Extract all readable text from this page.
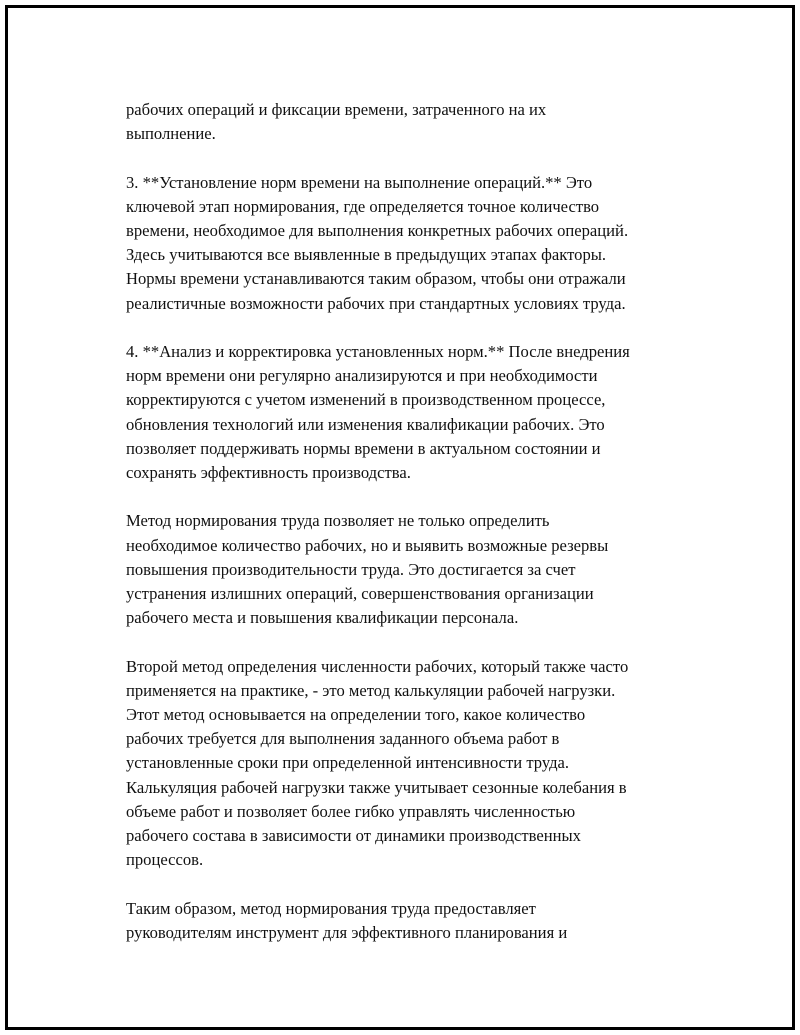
рабочих операций и фиксации времени, затраченного на их
выполнение.

3. **Установление норм времени на выполнение операций.** Это
ключевой этап нормирования, где определяется точное количество
времени, необходимое для выполнения конкретных рабочих операций.
Здесь учитываются все выявленные в предыдущих этапах факторы.
Нормы времени устанавливаются таким образом, чтобы они отражали
реалистичные возможности рабочих при стандартных условиях труда.

4. **Анализ и корректировка установленных норм.** После внедрения
норм времени они регулярно анализируются и при необходимости
корректируются с учетом изменений в производственном процессе,
обновления технологий или изменения квалификации рабочих. Это
позволяет поддерживать нормы времени в актуальном состоянии и
сохранять эффективность производства.

Метод нормирования труда позволяет не только определить
необходимое количество рабочих, но и выявить возможные резервы
повышения производительности труда. Это достигается за счет
устранения излишних операций, совершенствования организации
рабочего места и повышения квалификации персонала.

Второй метод определения численности рабочих, который также часто
применяется на практике, - это метод калькуляции рабочей нагрузки.
Этот метод основывается на определении того, какое количество
рабочих требуется для выполнения заданного объема работ в
установленные сроки при определенной интенсивности труда.
Калькуляция рабочей нагрузки также учитывает сезонные колебания в
объеме работ и позволяет более гибко управлять численностью
рабочего состава в зависимости от динамики производственных
процессов.

Таким образом, метод нормирования труда предоставляет
руководителям инструмент для эффективного планирования и
